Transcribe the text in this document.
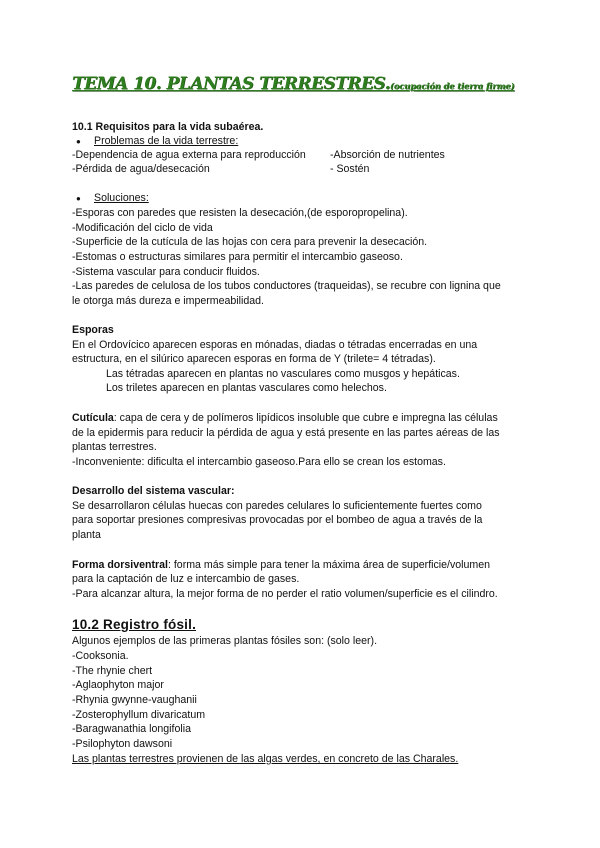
TEMA 10. PLANTAS TERRESTRES.(ocupación de tierra firme)
10.1 Requisitos para la vida subaérea.
● Problemas de la vida terrestre:
-Dependencia de agua externa para reproducción -Absorción de nutrientes
-Pérdida de agua/desecación	- Sostén
● Soluciones:
-Esporas con paredes que resisten la desecación,(de esporopropelina).
-Modificación del ciclo de vida
-Superficie de la cutícula de las hojas con cera para prevenir la desecación.
-Estomas o estructuras similares para permitir el intercambio gaseoso.
-Sistema vascular para conducir fluidos.
-Las paredes de celulosa de los tubos conductores (traqueidas), se recubre con lignina que
le otorga más dureza e impermeabilidad.
Esporas
En el Ordovícico aparecen esporas en mónadas, diadas o tétradas encerradas en una
estructura, en el silúrico aparecen esporas en forma de Y (trilete= 4 tétradas).
Las tétradas aparecen en plantas no vasculares como musgos y hepáticas.
Los triletes aparecen en plantas vasculares como helechos.
Cutícula: capa de cera y de polímeros lipídicos insoluble que cubre e impregna las células
de la epidermis para reducir la pérdida de agua y está presente en las partes aéreas de las
plantas terrestres.
-Inconveniente: dificulta el intercambio gaseoso.Para ello se crean los estomas.
Desarrollo del sistema vascular:
Se desarrollaron células huecas con paredes celulares lo suficientemente fuertes como
para soportar presiones compresivas provocadas por el bombeo de agua a través de la
planta
Forma dorsiventral: forma más simple para tener la máxima área de superficie/volumen
para la captación de luz e intercambio de gases.
-Para alcanzar altura, la mejor forma de no perder el ratio volumen/superficie es el cilindro.
10.2 Registro fósil.
Algunos ejemplos de las primeras plantas fósiles son: (solo leer).
-Cooksonia.
-The rhynie chert
-Aglaophyton major
-Rhynia gwynne-vaughanii
-Zosterophyllum divaricatum
-Baragwanathia longifolia
-Psilophyton dawsoni
Las plantas terrestres provienen de las algas verdes, en concreto de las Charales.
